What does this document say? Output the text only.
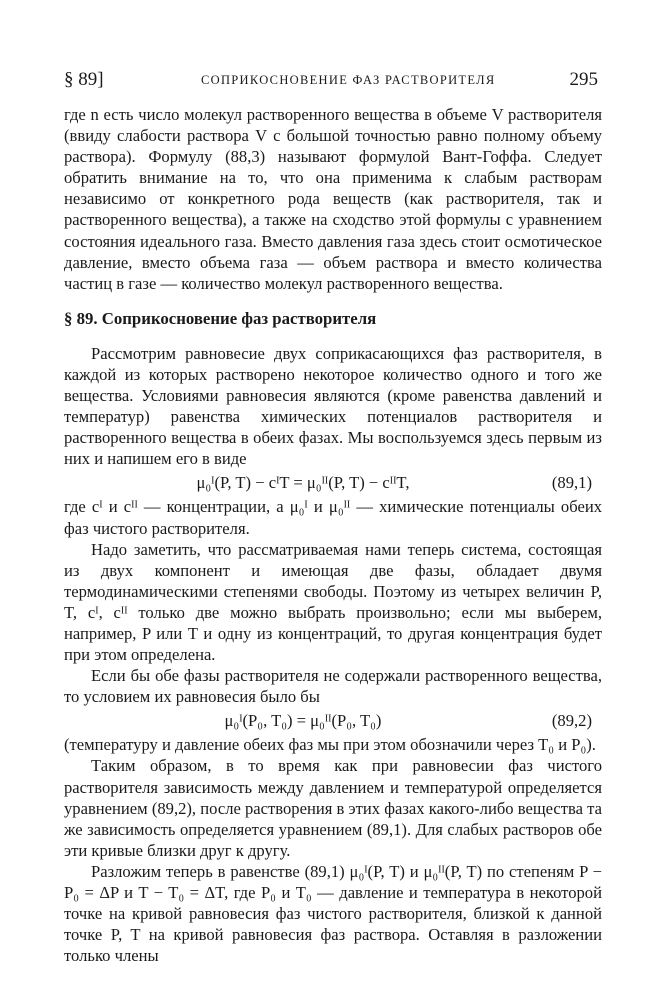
§ 89]	СОПРИКОСНОВЕНИЕ ФАЗ РАСТВОРИТЕЛЯ	295

где n есть число молекул растворенного вещества в объеме V растворителя (ввиду слабости раствора V с большой точностью равно полному объему раствора). Формулу (88,3) называют формулой Вант-Гоффа. Следует обратить внимание на то, что она применима к слабым растворам независимо от конкретного рода веществ (как растворителя, так и растворенного вещества), а также на сходство этой формулы с уравнением состояния идеального газа. Вместо давления газа здесь стоит осмотическое давление, вместо объема газа — объем раствора и вместо количества частиц в газе — количество молекул растворенного вещества.

§ 89. Соприкосновение фаз растворителя

Рассмотрим равновесие двух соприкасающихся фаз растворителя, в каждой из которых растворено некоторое количество одного и того же вещества. Условиями равновесия являются (кроме равенства давлений и температур) равенства химических потенциалов растворителя и растворенного вещества в обеих фазах. Мы воспользуемся здесь первым из них и напишем его в виде

μ₀ᴵ(P, T) − cᴵT = μ₀ᴵᴵ(P, T) − cᴵᴵT,	(89,1)

где cᴵ и cᴵᴵ — концентрации, а μ₀ᴵ и μ₀ᴵᴵ — химические потенциалы обеих фаз чистого растворителя.

Надо заметить, что рассматриваемая нами теперь система, состоящая из двух компонент и имеющая две фазы, обладает двумя термодинамическими степенями свободы. Поэтому из четырех величин P, T, cᴵ, cᴵᴵ только две можно выбрать произвольно; если мы выберем, например, P или T и одну из концентраций, то другая концентрация будет при этом определена.

Если бы обе фазы растворителя не содержали растворенного вещества, то условием их равновесия было бы

μ₀ᴵ(P₀, T₀) = μ₀ᴵᴵ(P₀, T₀)	(89,2)

(температуру и давление обеих фаз мы при этом обозначили через T₀ и P₀).

Таким образом, в то время как при равновесии фаз чистого растворителя зависимость между давлением и температурой определяется уравнением (89,2), после растворения в этих фазах какого-либо вещества та же зависимость определяется уравнением (89,1). Для слабых растворов обе эти кривые близки друг к другу.

Разложим теперь в равенстве (89,1) μ₀ᴵ(P, T) и μ₀ᴵᴵ(P, T) по степеням P − P₀ = ΔP и T − T₀ = ΔT, где P₀ и T₀ — давление и температура в некоторой точке на кривой равновесия фаз чистого растворителя, близкой к данной точке P, T на кривой равновесия фаз раствора. Оставляя в разложении только члены
